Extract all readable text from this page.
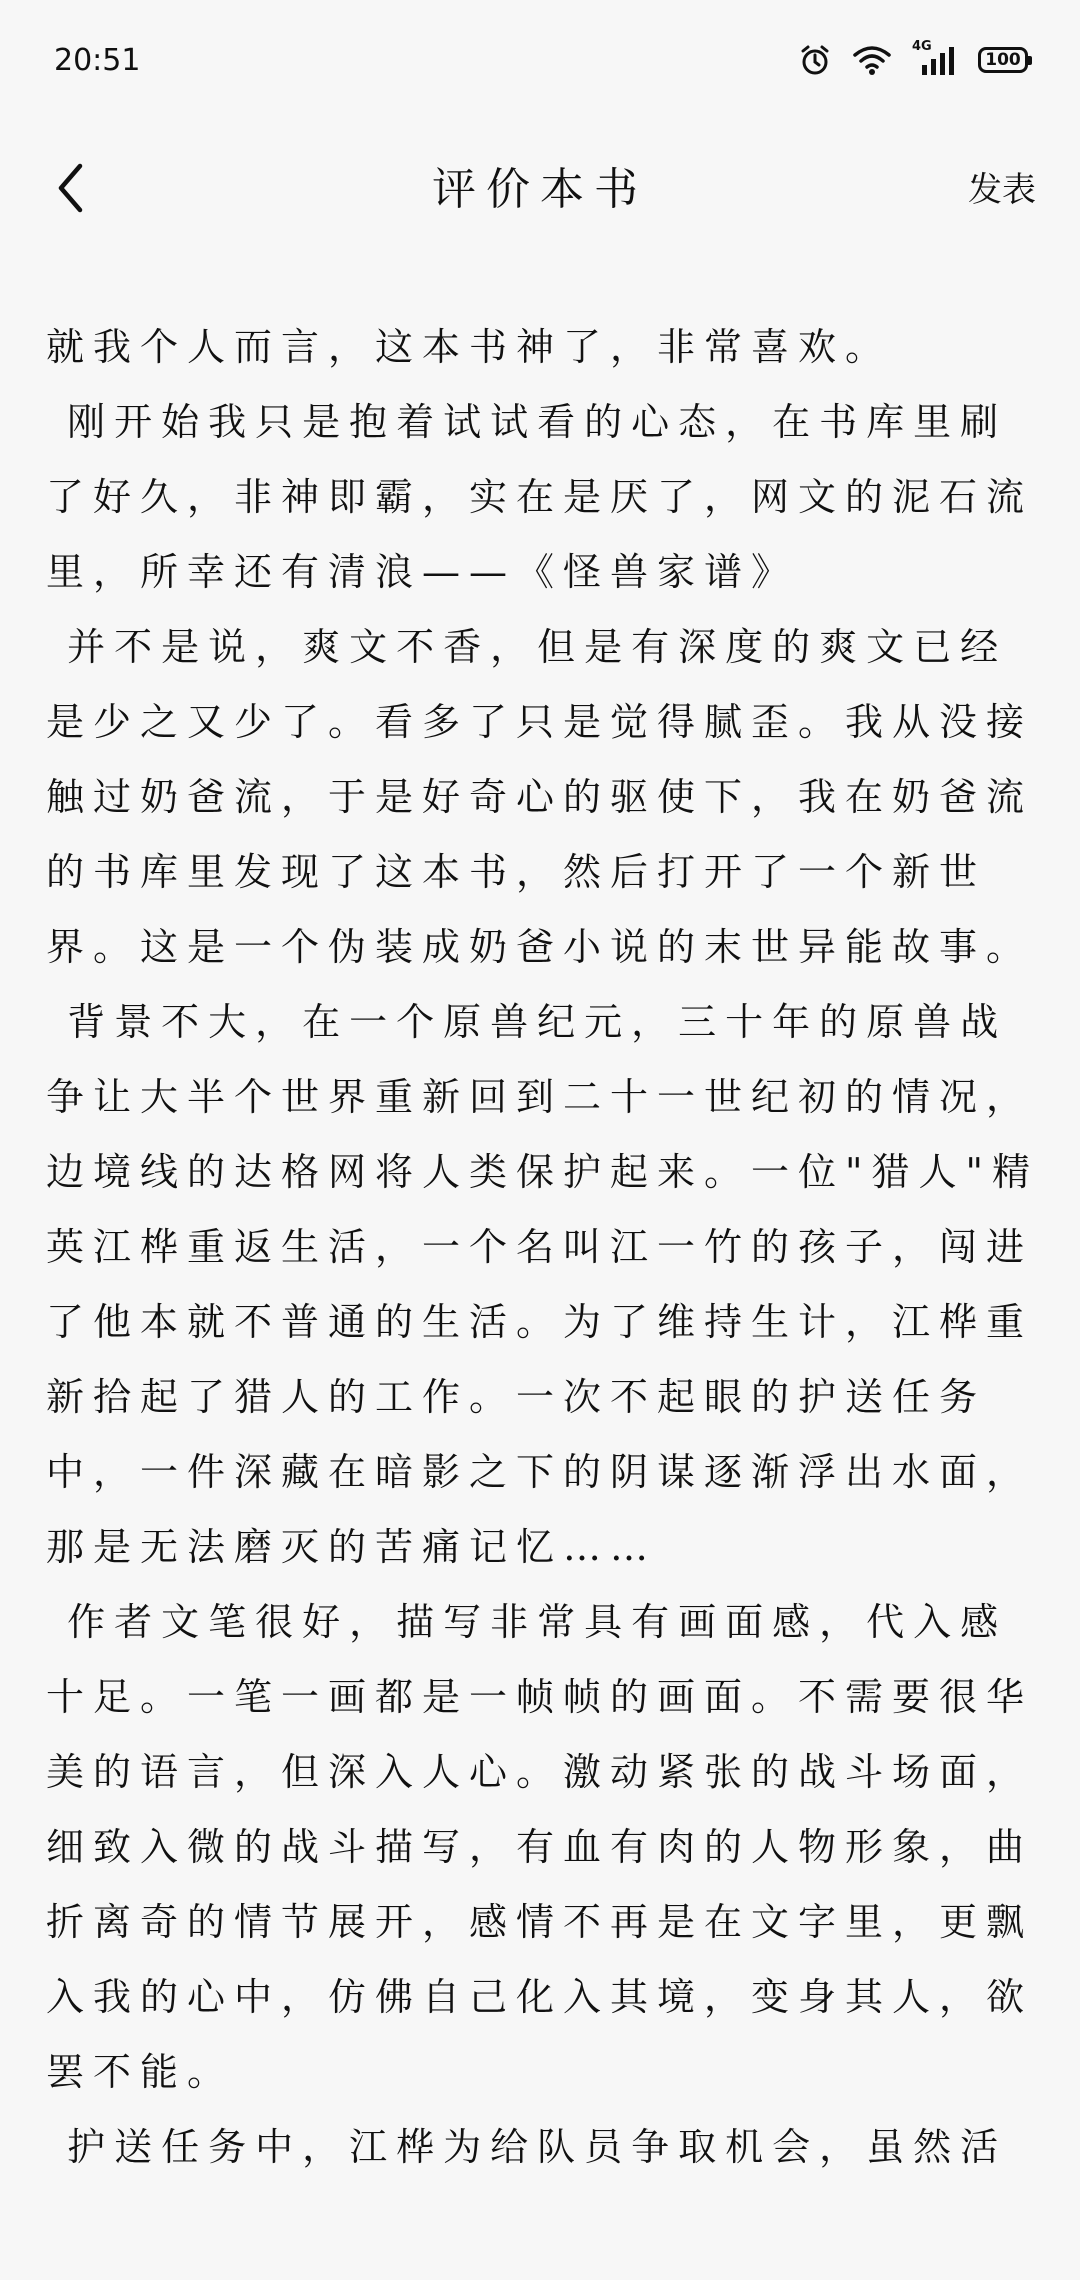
20:51	4G
100
评价本书	发表

就我个人而言，这本书神了，非常喜欢。
刚开始我只是抱着试试看的心态，在书库里刷了好久，非神即霸，实在是厌了，网文的泥石流里，所幸还有清浪——《怪兽家谱》
并不是说，爽文不香，但是有深度的爽文已经是少之又少了。看多了只是觉得腻歪。我从没接触过奶爸流，于是好奇心的驱使下，我在奶爸流的书库里发现了这本书，然后打开了一个新世界。这是一个伪装成奶爸小说的末世异能故事。
背景不大，在一个原兽纪元，三十年的原兽战争让大半个世界重新回到二十一世纪初的情况，边境线的达格网将人类保护起来。一位"猎人"精英江桦重返生活，一个名叫江一竹的孩子，闯进了他本就不普通的生活。为了维持生计，江桦重新拾起了猎人的工作。一次不起眼的护送任务中，一件深藏在暗影之下的阴谋逐渐浮出水面，那是无法磨灭的苦痛记忆……
作者文笔很好，描写非常具有画面感，代入感十足。一笔一画都是一帧帧的画面。不需要很华美的语言，但深入人心。激动紧张的战斗场面，细致入微的战斗描写，有血有肉的人物形象，曲折离奇的情节展开，感情不再是在文字里，更飘入我的心中，仿佛自己化入其境，变身其人，欲罢不能。
护送任务中，江桦为给队员争取机会，虽然活
